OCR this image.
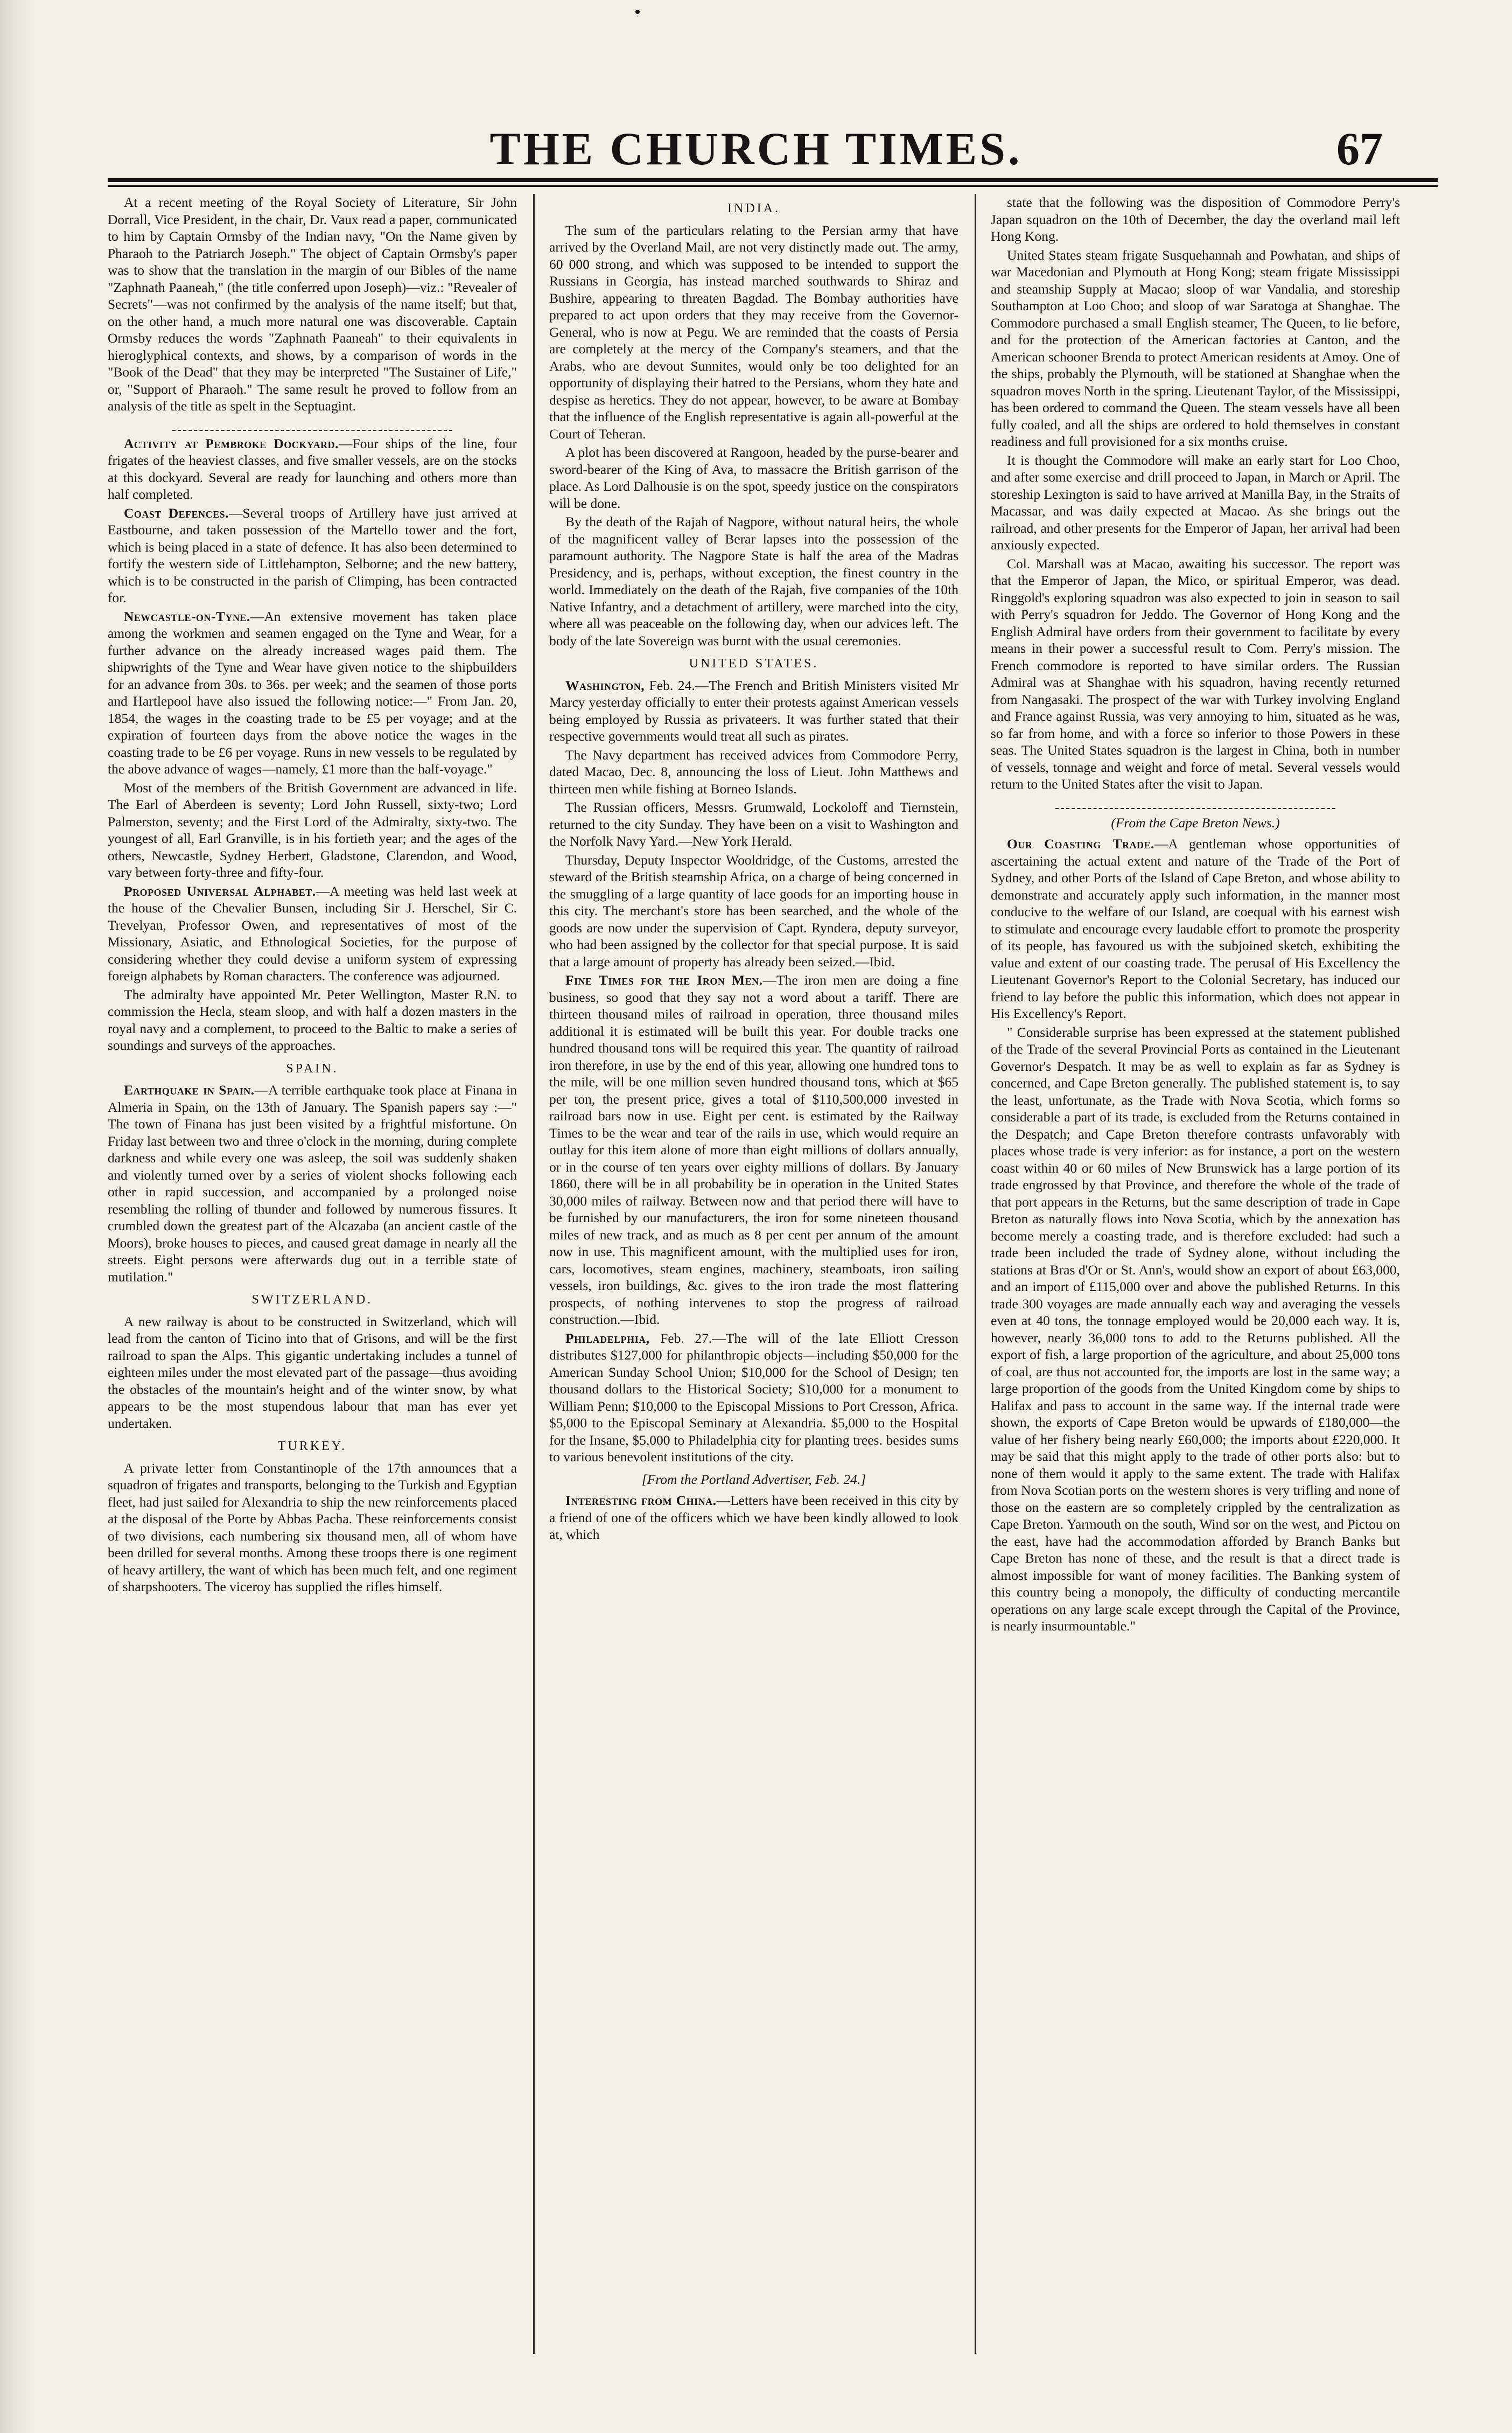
THE CHURCH TIMES.	67

At a recent meeting of the Royal Society of Literature, Sir John Dorrall, Vice President, in the chair, Dr. Vaux read a paper, communicated to him by Captain Ormsby of the Indian navy, "On the Name given by Pharaoh to the Patriarch Joseph." The object of Captain Ormsby's paper was to show that the translation in the margin of our Bibles of the name "Zaphnath Paaneah," (the title conferred upon Joseph)—viz.: "Revealer of Secrets"—was not confirmed by the analysis of the name itself; but that, on the other hand, a much more natural one was discoverable. Captain Ormsby reduces the words "Zaphnath Paaneah" to their equivalents in hieroglyphical contexts, and shows, by a comparison of words in the "Book of the Dead" that they may be interpreted "The Sustainer of Life," or, "Support of Pharaoh." The same result he proved to follow from an analysis of the title as spelt in the Septuagint.

Activity at Pembroke Dockyard.—Four ships of the line, four frigates of the heaviest classes, and five smaller vessels, are on the stocks at this dockyard. Several are ready for launching and others more than half completed.

Coast Defences.—Several troops of Artillery have just arrived at Eastbourne, and taken possession of the Martello tower and the fort, which is being placed in a state of defence. It has also been determined to fortify the western side of Littlehampton, Selborne; and the new battery, which is to be constructed in the parish of Climping, has been contracted for.

Newcastle-on-Tyne.—An extensive movement has taken place among the workmen and seamen engaged on the Tyne and Wear, for a further advance on the already increased wages paid them. The shipwrights of the Tyne and Wear have given notice to the shipbuilders for an advance from 30s. to 36s. per week; and the seamen of those ports and Hartlepool have also issued the following notice:—" From Jan. 20, 1854, the wages in the coasting trade to be £5 per voyage; and at the expiration of fourteen days from the above notice the wages in the coasting trade to be £6 per voyage. Runs in new vessels to be regulated by the above advance of wages—namely, £1 more than the half-voyage."

Most of the members of the British Government are advanced in life. The Earl of Aberdeen is seventy; Lord John Russell, sixty-two; Lord Palmerston, seventy; and the First Lord of the Admiralty, sixty-two. The youngest of all, Earl Granville, is in his fortieth year; and the ages of the others, Newcastle, Sydney Herbert, Gladstone, Clarendon, and Wood, vary between forty-three and fifty-four.

Proposed Universal Alphabet.—A meeting was held last week at the house of the Chevalier Bunsen, including Sir J. Herschel, Sir C. Trevelyan, Professor Owen, and representatives of most of the Missionary, Asiatic, and Ethnological Societies, for the purpose of considering whether they could devise a uniform system of expressing foreign alphabets by Roman characters. The conference was adjourned.

The admiralty have appointed Mr. Peter Wellington, Master R.N. to commission the Hecla, steam sloop, and with half a dozen masters in the royal navy and a complement, to proceed to the Baltic to make a series of soundings and surveys of the approaches.

SPAIN.

Earthquake in Spain.—A terrible earthquake took place at Finana in Almeria in Spain, on the 13th of January. The Spanish papers say :—" The town of Finana has just been visited by a frightful misfortune. On Friday last between two and three o'clock in the morning, during complete darkness and while every one was asleep, the soil was suddenly shaken and violently turned over by a series of violent shocks following each other in rapid succession, and accompanied by a prolonged noise resembling the rolling of thunder and followed by numerous fissures. It crumbled down the greatest part of the Alcazaba (an ancient castle of the Moors), broke houses to pieces, and caused great damage in nearly all the streets. Eight persons were afterwards dug out in a terrible state of mutilation."

SWITZERLAND.

A new railway is about to be constructed in Switzerland, which will lead from the canton of Ticino into that of Grisons, and will be the first railroad to span the Alps. This gigantic undertaking includes a tunnel of eighteen miles under the most elevated part of the passage—thus avoiding the obstacles of the mountain's height and of the winter snow, by what appears to be the most stupendous labour that man has ever yet undertaken.

TURKEY.

A private letter from Constantinople of the 17th announces that a squadron of frigates and transports, belonging to the Turkish and Egyptian fleet, had just sailed for Alexandria to ship the new reinforcements placed at the disposal of the Porte by Abbas Pacha. These reinforcements consist of two divisions, each numbering six thousand men, all of whom have been drilled for several months. Among these troops there is one regiment of heavy artillery, the want of which has been much felt, and one regiment of sharpshooters. The viceroy has supplied the rifles himself.

INDIA.

The sum of the particulars relating to the Persian army that have arrived by the Overland Mail, are not very distinctly made out. The army, 60 000 strong, and which was supposed to be intended to support the Russians in Georgia, has instead marched southwards to Shiraz and Bushire, appearing to threaten Bagdad. The Bombay authorities have prepared to act upon orders that they may receive from the Governor-General, who is now at Pegu. We are reminded that the coasts of Persia are completely at the mercy of the Company's steamers, and that the Arabs, who are devout Sunnites, would only be too delighted for an opportunity of displaying their hatred to the Persians, whom they hate and despise as heretics. They do not appear, however, to be aware at Bombay that the influence of the English representative is again all-powerful at the Court of Teheran.

A plot has been discovered at Rangoon, headed by the purse-bearer and sword-bearer of the King of Ava, to massacre the British garrison of the place. As Lord Dalhousie is on the spot, speedy justice on the conspirators will be done.

By the death of the Rajah of Nagpore, without natural heirs, the whole of the magnificent valley of Berar lapses into the possession of the paramount authority. The Nagpore State is half the area of the Madras Presidency, and is, perhaps, without exception, the finest country in the world. Immediately on the death of the Rajah, five companies of the 10th Native Infantry, and a detachment of artillery, were marched into the city, where all was peaceable on the following day, when our advices left. The body of the late Sovereign was burnt with the usual ceremonies.

UNITED STATES.

Washington, Feb. 24.—The French and British Ministers visited Mr Marcy yesterday officially to enter their protests against American vessels being employed by Russia as privateers. It was further stated that their respective governments would treat all such as pirates.

The Navy department has received advices from Commodore Perry, dated Macao, Dec. 8, announcing the loss of Lieut. John Matthews and thirteen men while fishing at Borneo Islands.

The Russian officers, Messrs. Grumwald, Lockoloff and Tiernstein, returned to the city Sunday. They have been on a visit to Washington and the Norfolk Navy Yard.—New York Herald.

Thursday, Deputy Inspector Wooldridge, of the Customs, arrested the steward of the British steamship Africa, on a charge of being concerned in the smuggling of a large quantity of lace goods for an importing house in this city. The merchant's store has been searched, and the whole of the goods are now under the supervision of Capt. Ryndera, deputy surveyor, who had been assigned by the collector for that special purpose. It is said that a large amount of property has already been seized.—Ibid.

Fine Times for the Iron Men.—The iron men are doing a fine business, so good that they say not a word about a tariff. There are thirteen thousand miles of railroad in operation, three thousand miles additional it is estimated will be built this year. For double tracks one hundred thousand tons will be required this year. The quantity of railroad iron therefore, in use by the end of this year, allowing one hundred tons to the mile, will be one million seven hundred thousand tons, which at $65 per ton, the present price, gives a total of $110,500,000 invested in railroad bars now in use. Eight per cent. is estimated by the Railway Times to be the wear and tear of the rails in use, which would require an outlay for this item alone of more than eight millions of dollars annually, or in the course of ten years over eighty millions of dollars. By January 1860, there will be in all probability be in operation in the United States 30,000 miles of railway. Between now and that period there will have to be furnished by our manufacturers, the iron for some nineteen thousand miles of new track, and as much as 8 per cent per annum of the amount now in use. This magnificent amount, with the multiplied uses for iron, cars, locomotives, steam engines, machinery, steamboats, iron sailing vessels, iron buildings, &c. gives to the iron trade the most flattering prospects, of nothing intervenes to stop the progress of railroad construction.—Ibid.

Philadelphia, Feb. 27.—The will of the late Elliott Cresson distributes $127,000 for philanthropic objects—including $50,000 for the American Sunday School Union; $10,000 for the School of Design; ten thousand dollars to the Historical Society; $10,000 for a monument to William Penn; $10,000 to the Episcopal Missions to Port Cresson, Africa. $5,000 to the Episcopal Seminary at Alexandria. $5,000 to the Hospital for the Insane, $5,000 to Philadelphia city for planting trees. besides sums to various benevolent institutions of the city.

[From the Portland Advertiser, Feb. 24.]

Interesting from China.—Letters have been received in this city by a friend of one of the officers which we have been kindly allowed to look at, which

state that the following was the disposition of Commodore Perry's Japan squadron on the 10th of December, the day the overland mail left Hong Kong.

United States steam frigate Susquehannah and Powhatan, and ships of war Macedonian and Plymouth at Hong Kong; steam frigate Mississippi and steamship Supply at Macao; sloop of war Vandalia, and storeship Southampton at Loo Choo; and sloop of war Saratoga at Shanghae. The Commodore purchased a small English steamer, The Queen, to lie before, and for the protection of the American factories at Canton, and the American schooner Brenda to protect American residents at Amoy. One of the ships, probably the Plymouth, will be stationed at Shanghae when the squadron moves North in the spring. Lieutenant Taylor, of the Mississippi, has been ordered to command the Queen. The steam vessels have all been fully coaled, and all the ships are ordered to hold themselves in constant readiness and full provisioned for a six months cruise.

It is thought the Commodore will make an early start for Loo Choo, and after some exercise and drill proceed to Japan, in March or April. The storeship Lexington is said to have arrived at Manilla Bay, in the Straits of Macassar, and was daily expected at Macao. As she brings out the railroad, and other presents for the Emperor of Japan, her arrival had been anxiously expected.

Col. Marshall was at Macao, awaiting his successor. The report was that the Emperor of Japan, the Mico, or spiritual Emperor, was dead. Ringgold's exploring squadron was also expected to join in season to sail with Perry's squadron for Jeddo. The Governor of Hong Kong and the English Admiral have orders from their government to facilitate by every means in their power a successful result to Com. Perry's mission. The French commodore is reported to have similar orders. The Russian Admiral was at Shanghae with his squadron, having recently returned from Nangasaki. The prospect of the war with Turkey involving England and France against Russia, was very annoying to him, situated as he was, so far from home, and with a force so inferior to those Powers in these seas. The United States squadron is the largest in China, both in number of vessels, tonnage and weight and force of metal. Several vessels would return to the United States after the visit to Japan.

(From the Cape Breton News.)

Our Coasting Trade.—A gentleman whose opportunities of ascertaining the actual extent and nature of the Trade of the Port of Sydney, and other Ports of the Island of Cape Breton, and whose ability to demonstrate and accurately apply such information, in the manner most conducive to the welfare of our Island, are coequal with his earnest wish to stimulate and encourage every laudable effort to promote the prosperity of its people, has favoured us with the subjoined sketch, exhibiting the value and extent of our coasting trade. The perusal of His Excellency the Lieutenant Governor's Report to the Colonial Secretary, has induced our friend to lay before the public this information, which does not appear in His Excellency's Report.

" Considerable surprise has been expressed at the statement published of the Trade of the several Provincial Ports as contained in the Lieutenant Governor's Despatch. It may be as well to explain as far as Sydney is concerned, and Cape Breton generally. The published statement is, to say the least, unfortunate, as the Trade with Nova Scotia, which forms so considerable a part of its trade, is excluded from the Returns contained in the Despatch; and Cape Breton therefore contrasts unfavorably with places whose trade is very inferior: as for instance, a port on the western coast within 40 or 60 miles of New Brunswick has a large portion of its trade engrossed by that Province, and therefore the whole of the trade of that port appears in the Returns, but the same description of trade in Cape Breton as naturally flows into Nova Scotia, which by the annexation has become merely a coasting trade, and is therefore excluded: had such a trade been included the trade of Sydney alone, without including the stations at Bras d'Or or St. Ann's, would show an export of about £63,000, and an import of £115,000 over and above the published Returns. In this trade 300 voyages are made annually each way and averaging the vessels even at 40 tons, the tonnage employed would be 20,000 each way. It is, however, nearly 36,000 tons to add to the Returns published. All the export of fish, a large proportion of the agriculture, and about 25,000 tons of coal, are thus not accounted for, the imports are lost in the same way; a large proportion of the goods from the United Kingdom come by ships to Halifax and pass to account in the same way. If the internal trade were shown, the exports of Cape Breton would be upwards of £180,000—the value of her fishery being nearly £60,000; the imports about £220,000. It may be said that this might apply to the trade of other ports also: but to none of them would it apply to the same extent. The trade with Halifax from Nova Scotian ports on the western shores is very trifling and none of those on the eastern are so completely crippled by the centralization as Cape Breton. Yarmouth on the south, Wind sor on the west, and Pictou on the east, have had the accommodation afforded by Branch Banks but Cape Breton has none of these, and the result is that a direct trade is almost impossible for want of money facilities. The Banking system of this country being a monopoly, the difficulty of conducting mercantile operations on any large scale except through the Capital of the Province, is nearly insurmountable."
